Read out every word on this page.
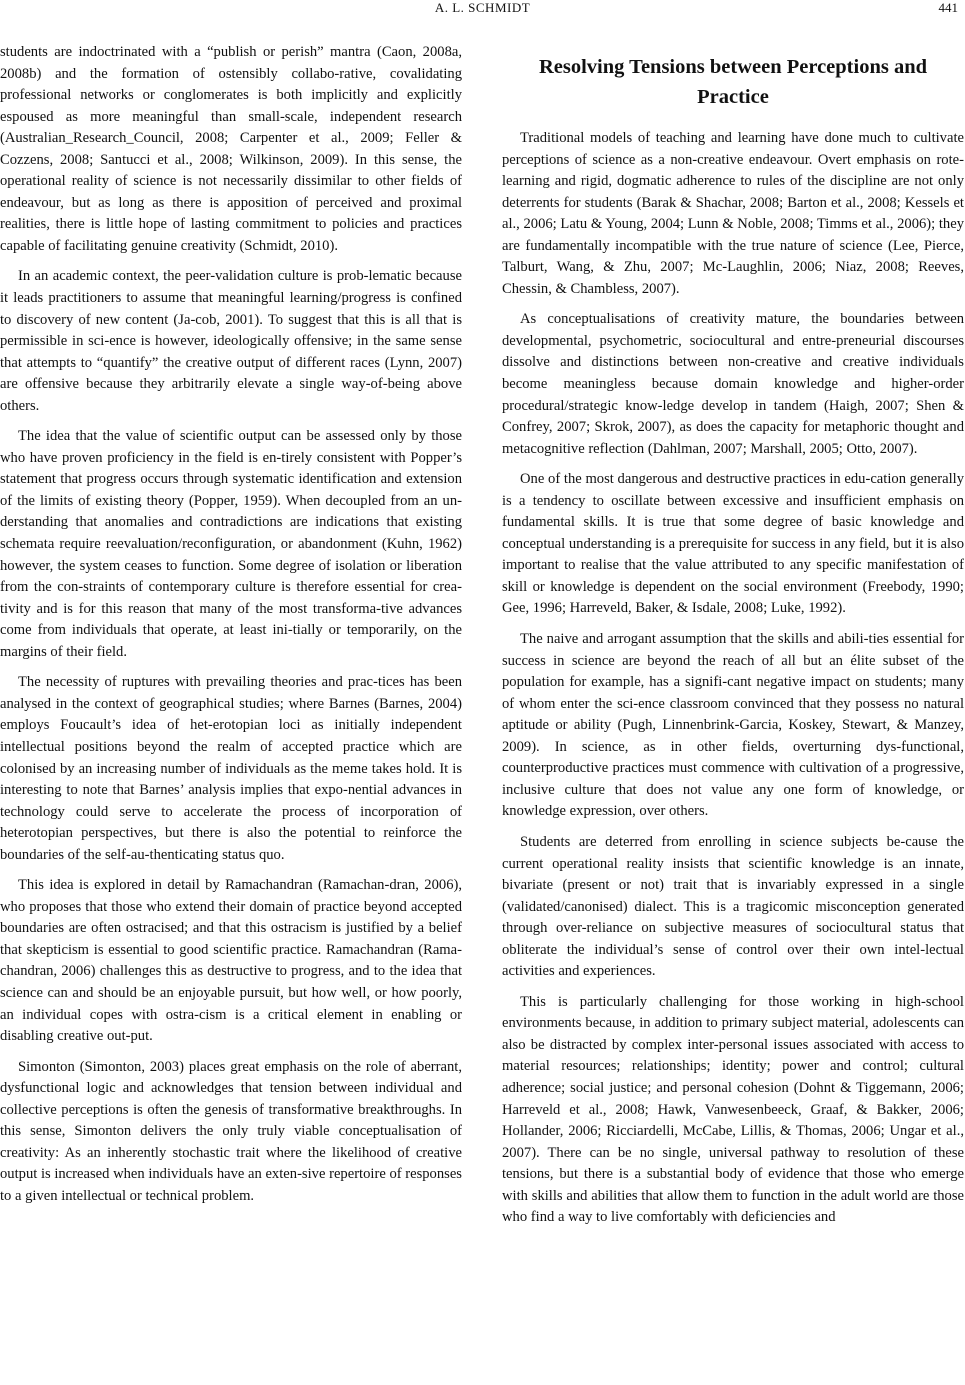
A. L. SCHMIDT	441

students are indoctrinated with a “publish or perish” mantra (Caon, 2008a, 2008b) and the formation of ostensibly collabo-rative, covalidating professional networks or conglomerates is both implicitly and explicitly espoused as more meaningful than small-scale, independent research (Australian_Research_Council, 2008; Carpenter et al., 2009; Feller & Cozzens, 2008; Santucci et al., 2008; Wilkinson, 2009). In this sense, the operational reality of science is not necessarily dissimilar to other fields of endeavour, but as long as there is apposition of perceived and proximal realities, there is little hope of lasting commitment to policies and practices capable of facilitating genuine creativity (Schmidt, 2010).

In an academic context, the peer-validation culture is prob-lematic because it leads practitioners to assume that meaningful learning/progress is confined to discovery of new content (Ja-cob, 2001). To suggest that this is all that is permissible in sci-ence is however, ideologically offensive; in the same sense that attempts to “quantify” the creative output of different races (Lynn, 2007) are offensive because they arbitrarily elevate a single way-of-being above others.

The idea that the value of scientific output can be assessed only by those who have proven proficiency in the field is en-tirely consistent with Popper’s statement that progress occurs through systematic identification and extension of the limits of existing theory (Popper, 1959). When decoupled from an un-derstanding that anomalies and contradictions are indications that existing schemata require reevaluation/reconfiguration, or abandonment (Kuhn, 1962) however, the system ceases to function. Some degree of isolation or liberation from the con-straints of contemporary culture is therefore essential for crea-tivity and is for this reason that many of the most transforma-tive advances come from individuals that operate, at least ini-tially or temporarily, on the margins of their field.

The necessity of ruptures with prevailing theories and prac-tices has been analysed in the context of geographical studies; where Barnes (Barnes, 2004) employs Foucault’s idea of het-erotopian loci as initially independent intellectual positions beyond the realm of accepted practice which are colonised by an increasing number of individuals as the meme takes hold. It is interesting to note that Barnes’ analysis implies that expo-nential advances in technology could serve to accelerate the process of incorporation of heterotopian perspectives, but there is also the potential to reinforce the boundaries of the self-au-thenticating status quo.

This idea is explored in detail by Ramachandran (Ramachan-dran, 2006), who proposes that those who extend their domain of practice beyond accepted boundaries are often ostracised; and that this ostracism is justified by a belief that skepticism is essential to good scientific practice. Ramachandran (Rama-chandran, 2006) challenges this as destructive to progress, and to the idea that science can and should be an enjoyable pursuit, but how well, or how poorly, an individual copes with ostra-cism is a critical element in enabling or disabling creative out-put.

Simonton (Simonton, 2003) places great emphasis on the role of aberrant, dysfunctional logic and acknowledges that tension between individual and collective perceptions is often the genesis of transformative breakthroughs. In this sense, Simonton delivers the only truly viable conceptualisation of creativity: As an inherently stochastic trait where the likelihood of creative output is increased when individuals have an exten-sive repertoire of responses to a given intellectual or technical problem.

Resolving Tensions between Perceptions and Practice

Traditional models of teaching and learning have done much to cultivate perceptions of science as a non-creative endeavour. Overt emphasis on rote-learning and rigid, dogmatic adherence to rules of the discipline are not only deterrents for students (Barak & Shachar, 2008; Barton et al., 2008; Kessels et al., 2006; Latu & Young, 2004; Lunn & Noble, 2008; Timms et al., 2006); they are fundamentally incompatible with the true nature of science (Lee, Pierce, Talburt, Wang, & Zhu, 2007; Mc-Laughlin, 2006; Niaz, 2008; Reeves, Chessin, & Chambless, 2007).

As conceptualisations of creativity mature, the boundaries between developmental, psychometric, sociocultural and entre-preneurial discourses dissolve and distinctions between non-creative and creative individuals become meaningless because domain knowledge and higher-order procedural/strategic know-ledge develop in tandem (Haigh, 2007; Shen & Confrey, 2007; Skrok, 2007), as does the capacity for metaphoric thought and metacognitive reflection (Dahlman, 2007; Marshall, 2005; Otto, 2007).

One of the most dangerous and destructive practices in edu-cation generally is a tendency to oscillate between excessive and insufficient emphasis on fundamental skills. It is true that some degree of basic knowledge and conceptual understanding is a prerequisite for success in any field, but it is also important to realise that the value attributed to any specific manifestation of skill or knowledge is dependent on the social environment (Freebody, 1990; Gee, 1996; Harreveld, Baker, & Isdale, 2008; Luke, 1992).

The naive and arrogant assumption that the skills and abili-ties essential for success in science are beyond the reach of all but an élite subset of the population for example, has a signifi-cant negative impact on students; many of whom enter the sci-ence classroom convinced that they possess no natural aptitude or ability (Pugh, Linnenbrink-Garcia, Koskey, Stewart, & Manzey, 2009). In science, as in other fields, overturning dys-functional, counterproductive practices must commence with cultivation of a progressive, inclusive culture that does not value any one form of knowledge, or knowledge expression, over others.

Students are deterred from enrolling in science subjects be-cause the current operational reality insists that scientific knowledge is an innate, bivariate (present or not) trait that is invariably expressed in a single (validated/canonised) dialect. This is a tragicomic misconception generated through over-reliance on subjective measures of sociocultural status that obliterate the individual’s sense of control over their own intel-lectual activities and experiences.

This is particularly challenging for those working in high-school environments because, in addition to primary subject material, adolescents can also be distracted by complex inter-personal issues associated with access to material resources; relationships; identity; power and control; cultural adherence; social justice; and personal cohesion (Dohnt & Tiggemann, 2006; Harreveld et al., 2008; Hawk, Vanwesenbeeck, Graaf, & Bakker, 2006; Hollander, 2006; Ricciardelli, McCabe, Lillis, & Thomas, 2006; Ungar et al., 2007). There can be no single, universal pathway to resolution of these tensions, but there is a substantial body of evidence that those who emerge with skills and abilities that allow them to function in the adult world are those who find a way to live comfortably with deficiencies and
